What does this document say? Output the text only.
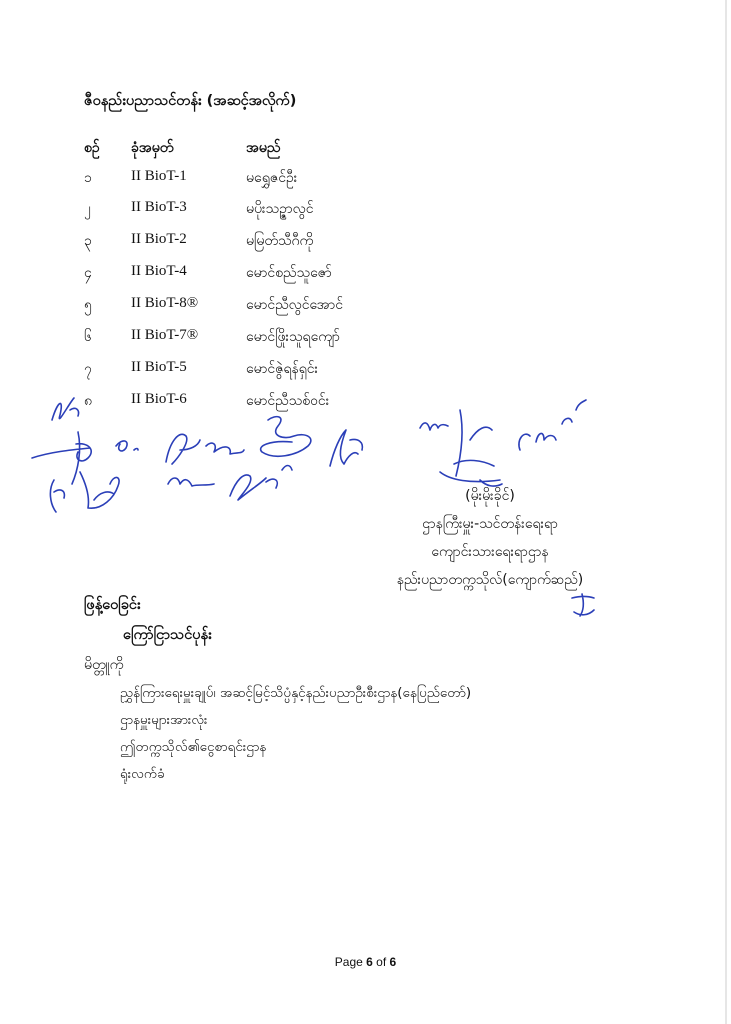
ဇီဝနည်းပညာသင်တန်း (အဆင့်အလိုက်)
စဉ် ခုံအမှတ်	အမည်
၁	II BioT-1	မရွှေဇင်ဦး
၂	II BioT-3	မပိုးသဥ္ဇာလွင်
၃	II BioT-2	မမြတ်သီဂီကို
၄	II BioT-4	မောင်စည်သူဇော်
၅	II BioT-8®	မောင်ညီလွင်အောင်
၆	II BioT-7®	မောင်ဖြိုးသူရကျော်
၇	II BioT-5	မောင်ဇွဲရန်ရှင်း
၈	II BioT-6	မောင်ညီသစ်ဝင်း
(မိုးမိုးခိုင်)
ဌာနကြီးမှူး-သင်တန်းရေးရာ
ကျောင်းသားရေးရာဌာန
နည်းပညာတက္ကသိုလ်(ကျောက်ဆည်)
ဖြန့်ဝေခြင်း
ကြော်ငြာသင်ပုန်း
မိတ္တူကို
ညွှန်ကြားရေးမှူးချုပ်၊ အဆင့်မြင့်သိပ္ပံနှင့်နည်းပညာဦးစီးဌာန(နေပြည်တော်)
ဌာနမှူးများအားလုံး
ဤတက္ကသိုလ်၏ငွေစာရင်းဌာန
ရုံးလက်ခံ
Page 6 of 6
